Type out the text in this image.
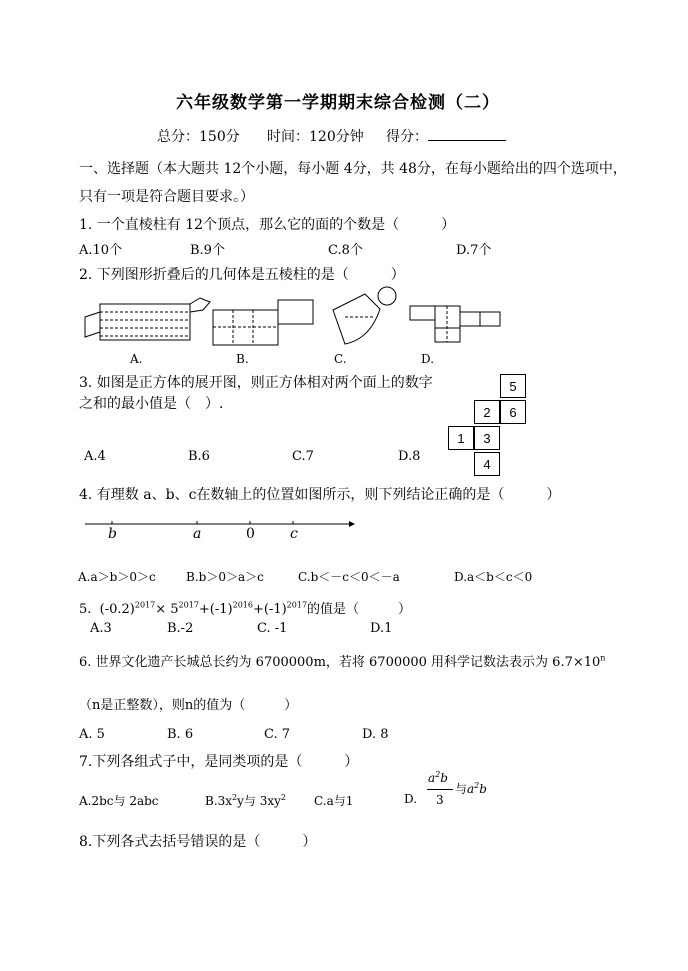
六年级数学第一学期期末综合检测（二）
总分：150分 时间：120分钟 得分：
一、选择题（本大题共 12个小题，每小题 4分，共 48分，在每小题给出的四个选项中，
只有一项是符合题目要求。）
1. 一个直棱柱有 12个顶点，那么它的面的个数是（　　　）
A.10个	B.9个	C.8个	D.7个
2. 下列图形折叠后的几何体是五棱柱的是（　　　）
A.	B.	C.	D.
3. 如图是正方体的展开图，则正方体相对两个面上的数字
之和的最小值是（　）.
A.4	B.6	C.7	D.8
5
2	6
1	3
4
4. 有理数 a、b、c在数轴上的位置如图所示，则下列结论正确的是（　　　）
b	a	0	c
A.a＞b＞0＞c	B.b＞0＞a＞c	C.b＜－c＜0＜－a	D.a＜b＜c＜0
5. $(-0.2)^{2017}\times 5^{2017}+(-1)^{2016}+(-1)^{2017}$的值是（　　　）
A.3	B.-2	C. -1	D.1
6. 世界文化遗产长城总长约为 6700000m，若将 6700000 用科学记数法表示为 $6.7\times 10^n$
（n是正整数），则n的值为（　　　）
A. 5	B. 6	C. 7	D. 8
7.下列各组式子中，是同类项的是（　　　）
A.2bc与 2abc	$B.3x^2y$与 $3xy^2$ C.a与1	D.
$a^2b$
3
与$a^2b$
8.下列各式去括号错误的是（　　　）
